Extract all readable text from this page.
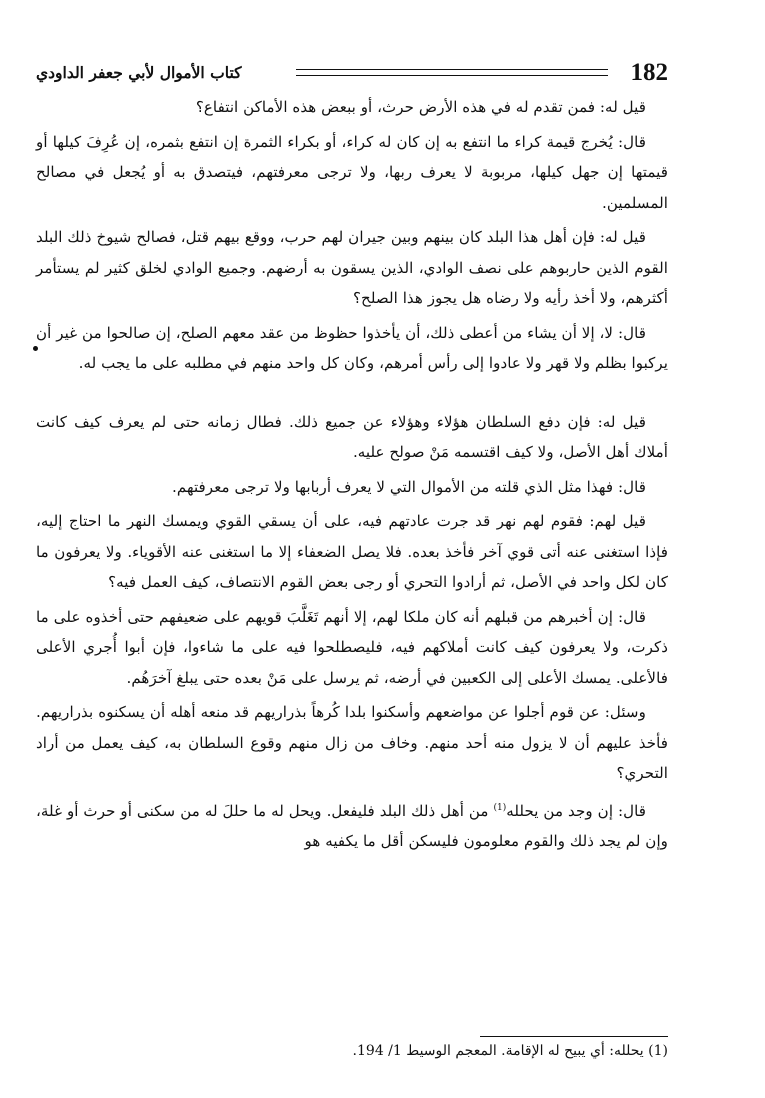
182
كتاب الأموال لأبي جعفر الداودي

قيل له: فمن تقدم له في هذه الأرض حرث، أو ببعض هذه الأماكن انتفاع؟

قال: يُخرج قيمة كراء ما انتفع به إن كان له كراء، أو بكراء الثمرة إن انتفع بثمره، إن عُرِفَ كيلها أو قيمتها إن جهل كيلها، مربوبة لا يعرف ربها، ولا ترجى معرفتهم، فيتصدق به أو يُجعل في مصالح المسلمين.

قيل له: فإن أهل هذا البلد كان بينهم وبين جيران لهم حرب، ووقع بيهم قتل، فصالح شيوخ ذلك البلد القوم الذين حاربوهم على نصف الوادي، الذين يسقون به أرضهم. وجميع الوادي لخلق كثير لم يستأمر أكثرهم، ولا أخذ رأيه ولا رضاه هل يجوز هذا الصلح؟

قال: لا، إلا أن يشاء من أعطى ذلك، أن يأخذوا حظوظ من عقد معهم الصلح، إن صالحوا من غير أن يركبوا بظلم ولا قهر ولا عادوا إلى رأس أمرهم، وكان كل واحد منهم في مطلبه على ما يجب له.

قيل له: فإن دفع السلطان هؤلاء وهؤلاء عن جميع ذلك. فطال زمانه حتى لم يعرف كيف كانت أملاك أهل الأصل، ولا كيف اقتسمه مَنْ صولح عليه.

قال: فهذا مثل الذي قلته من الأموال التي لا يعرف أربابها ولا ترجى معرفتهم.

قيل لهم: فقوم لهم نهر قد جرت عادتهم فيه، على أن يسقي القوي ويمسك النهر ما احتاج إليه، فإذا استغنى عنه أتى قوي آخر فأخذ بعده. فلا يصل الضعفاء إلا ما استغنى عنه الأقوياء. ولا يعرفون ما كان لكل واحد في الأصل، ثم أرادوا التحري أو رجى بعض القوم الانتصاف، كيف العمل فيه؟

قال: إن أخبرهم من قبلهم أنه كان ملكا لهم، إلا أنهم تَغَلَّبَ قويهم على ضعيفهم حتى أخذوه على ما ذكرت، ولا يعرفون كيف كانت أملاكهم فيه، فليصطلحوا فيه على ما شاءوا، فإن أبوا أُجري الأعلى فالأعلى. يمسك الأعلى إلى الكعبين في أرضه، ثم يرسل على مَنْ بعده حتى يبلغ آخرَهُم.

وسئل: عن قوم أجلوا عن مواضعهم وأسكنوا بلدا كُرهاً بذراريهم قد منعه أهله أن يسكنوه بذراريهم. فأخذ عليهم أن لا يزول منه أحد منهم. وخاف من زال منهم وقوع السلطان به، كيف يعمل من أراد التحري؟

قال: إن وجد من يحلله$^{(1)}$ من أهل ذلك البلد فليفعل. ويحل له ما حللَ له من سكنى أو حرث أو غلة، وإن لم يجد ذلك والقوم معلومون فليسكن أقل ما يكفيه هو

(1) يحلله: أي يبيح له الإقامة. المعجم الوسيط 1/ 194.
